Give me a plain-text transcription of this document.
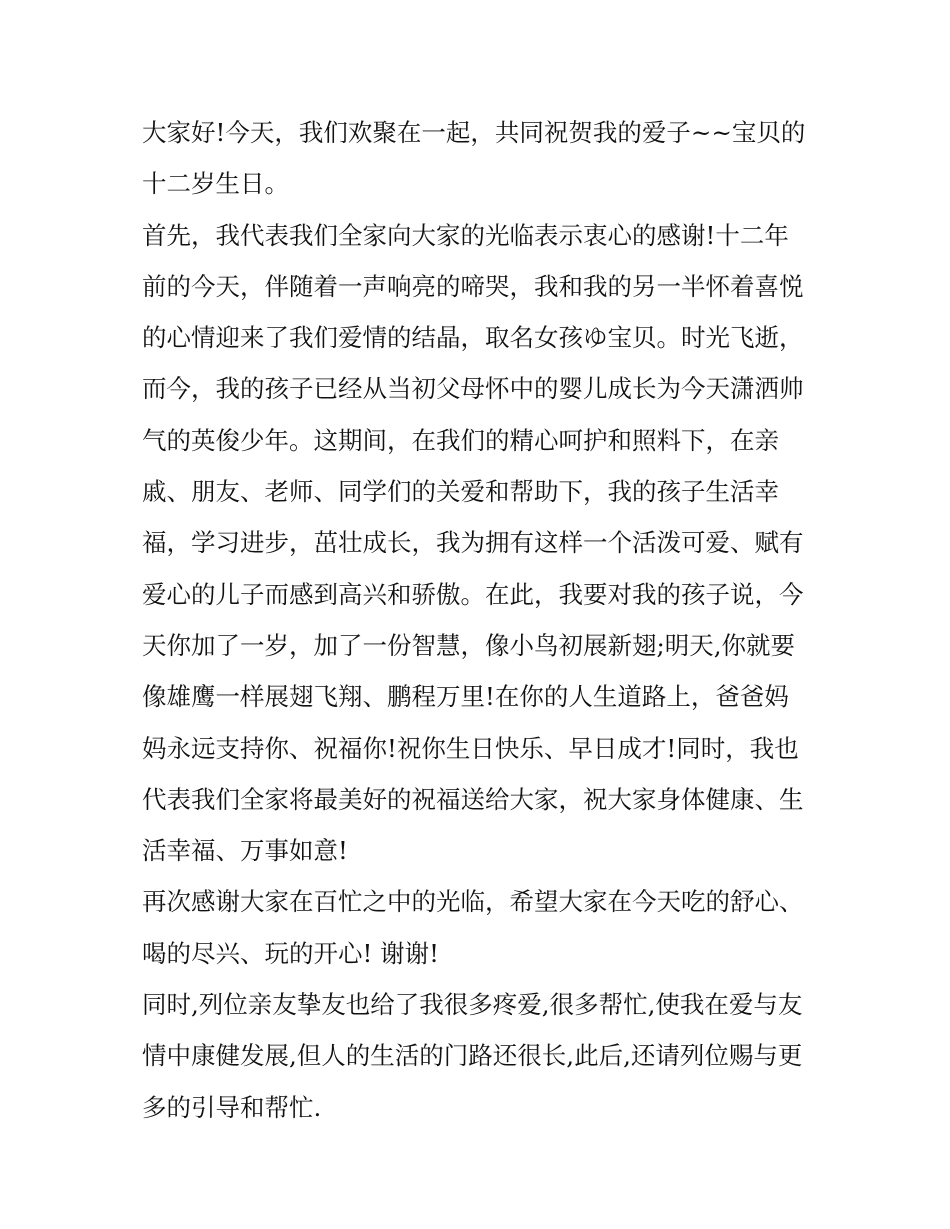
大家好!今天，我们欢聚在一起，共同祝贺我的爱子~~宝贝的
十二岁生日。

首先，我代表我们全家向大家的光临表示衷心的感谢!十二年
前的今天，伴随着一声响亮的啼哭，我和我的另一半怀着喜悦
的心情迎来了我们爱情的结晶，取名女孩ゆ宝贝。时光飞逝，
而今，我的孩子已经从当初父母怀中的婴儿成长为今天潇洒帅
气的英俊少年。这期间，在我们的精心呵护和照料下，在亲
戚、朋友、老师、同学们的关爱和帮助下，我的孩子生活幸
福，学习进步，茁壮成长，我为拥有这样一个活泼可爱、赋有
爱心的儿子而感到高兴和骄傲。在此，我要对我的孩子说，今
天你加了一岁，加了一份智慧，像小鸟初展新翅;明天,你就要
像雄鹰一样展翅飞翔、鹏程万里!在你的人生道路上，爸爸妈
妈永远支持你、祝福你!祝你生日快乐、早日成才!同时，我也
代表我们全家将最美好的祝福送给大家，祝大家身体健康、生
活幸福、万事如意!

再次感谢大家在百忙之中的光临，希望大家在今天吃的舒心、
喝的尽兴、玩的开心! 谢谢!

同时,列位亲友挚友也给了我很多疼爱,很多帮忙,使我在爱与友
情中康健发展,但人的生活的门路还很长,此后,还请列位赐与更
多的引导和帮忙.
